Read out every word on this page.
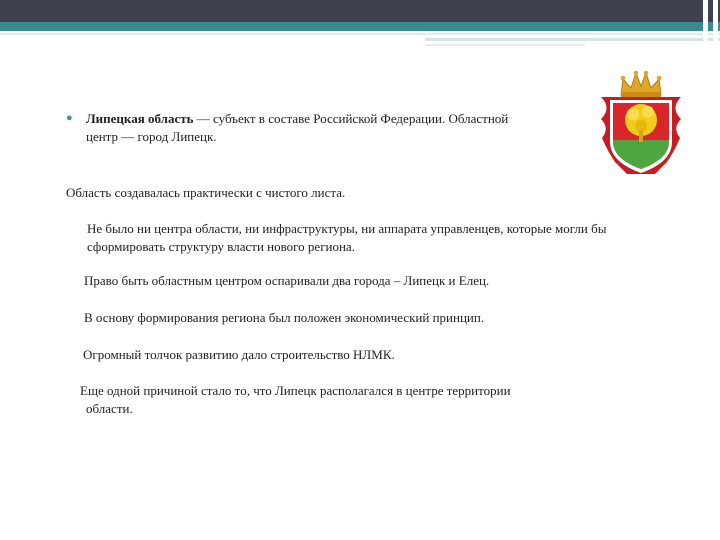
● Липецкая область — субъект в составе Российской Федерации. Областной
центр — город Липецк.
Область создавалась практически с чистого листа.
Не было ни центра области, ни инфраструктуры, ни аппарата управленцев, которые могли бы сформировать структуру власти нового региона.
Право быть областным центром оспаривали два города – Липецк и Елец.
В основу формирования региона был положен экономический принцип.
Огромный толчок развитию дало строительство НЛМК.
Еще одной причиной стало то, что Липецк располагался в центре территории
области.
